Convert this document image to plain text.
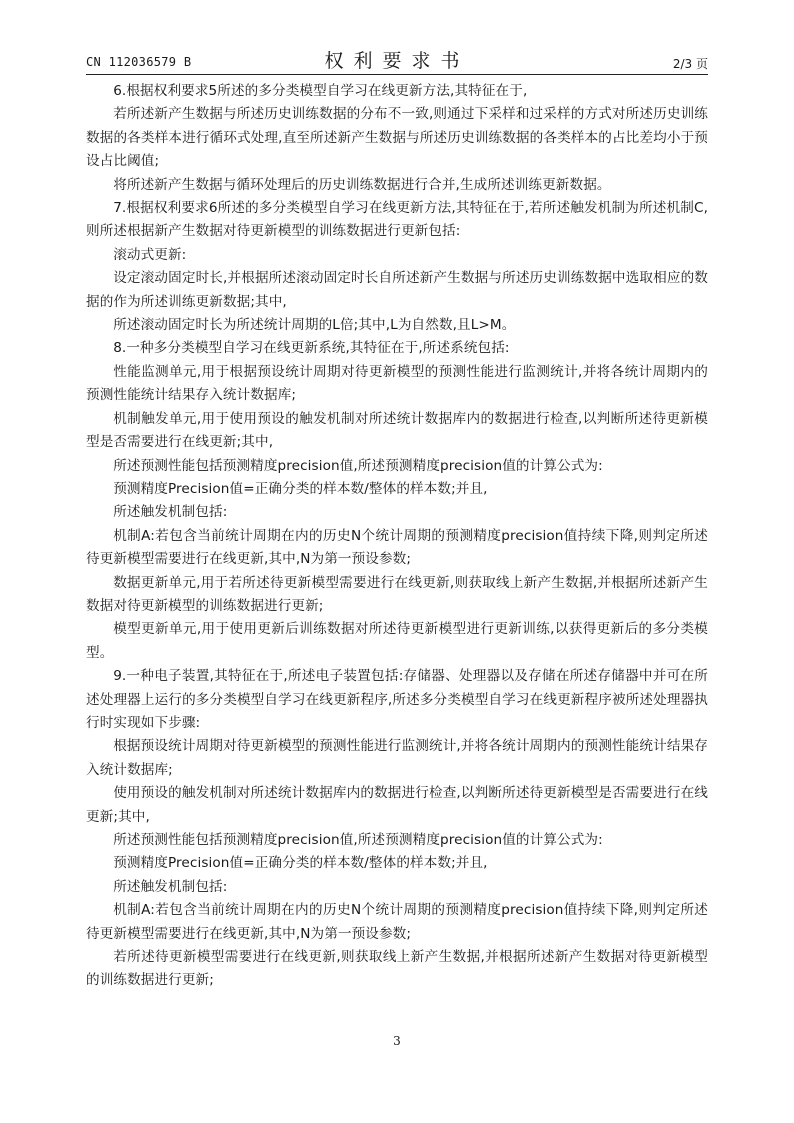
CN 112036579 B	权利要求书	2/3 页

6.根据权利要求5所述的多分类模型自学习在线更新方法,其特征在于,

若所述新产生数据与所述历史训练数据的分布不一致,则通过下采样和过采样的方式对所述历史训练数据的各类样本进行循环式处理,直至所述新产生数据与所述历史训练数据的各类样本的占比差均小于预设占比阈值;

将所述新产生数据与循环处理后的历史训练数据进行合并,生成所述训练更新数据。

7.根据权利要求6所述的多分类模型自学习在线更新方法,其特征在于,若所述触发机制为所述机制C,则所述根据新产生数据对待更新模型的训练数据进行更新包括:

滚动式更新:

设定滚动固定时长,并根据所述滚动固定时长自所述新产生数据与所述历史训练数据中选取相应的数据的作为所述训练更新数据;其中,

所述滚动固定时长为所述统计周期的L倍;其中,L为自然数,且L>M。

8.一种多分类模型自学习在线更新系统,其特征在于,所述系统包括:

性能监测单元,用于根据预设统计周期对待更新模型的预测性能进行监测统计,并将各统计周期内的预测性能统计结果存入统计数据库;

机制触发单元,用于使用预设的触发机制对所述统计数据库内的数据进行检查,以判断所述待更新模型是否需要进行在线更新;其中,

所述预测性能包括预测精度precision值,所述预测精度precision值的计算公式为:

预测精度Precision值=正确分类的样本数/整体的样本数;并且,

所述触发机制包括:

机制A:若包含当前统计周期在内的历史N个统计周期的预测精度precision值持续下降,则判定所述待更新模型需要进行在线更新,其中,N为第一预设参数;

数据更新单元,用于若所述待更新模型需要进行在线更新,则获取线上新产生数据,并根据所述新产生数据对待更新模型的训练数据进行更新;

模型更新单元,用于使用更新后训练数据对所述待更新模型进行更新训练,以获得更新后的多分类模型。

9.一种电子装置,其特征在于,所述电子装置包括:存储器、处理器以及存储在所述存储器中并可在所述处理器上运行的多分类模型自学习在线更新程序,所述多分类模型自学习在线更新程序被所述处理器执行时实现如下步骤:

根据预设统计周期对待更新模型的预测性能进行监测统计,并将各统计周期内的预测性能统计结果存入统计数据库;

使用预设的触发机制对所述统计数据库内的数据进行检查,以判断所述待更新模型是否需要进行在线更新;其中,

所述预测性能包括预测精度precision值,所述预测精度precision值的计算公式为:

预测精度Precision值=正确分类的样本数/整体的样本数;并且,

所述触发机制包括:

机制A:若包含当前统计周期在内的历史N个统计周期的预测精度precision值持续下降,则判定所述待更新模型需要进行在线更新,其中,N为第一预设参数;

若所述待更新模型需要进行在线更新,则获取线上新产生数据,并根据所述新产生数据对待更新模型的训练数据进行更新;

3
